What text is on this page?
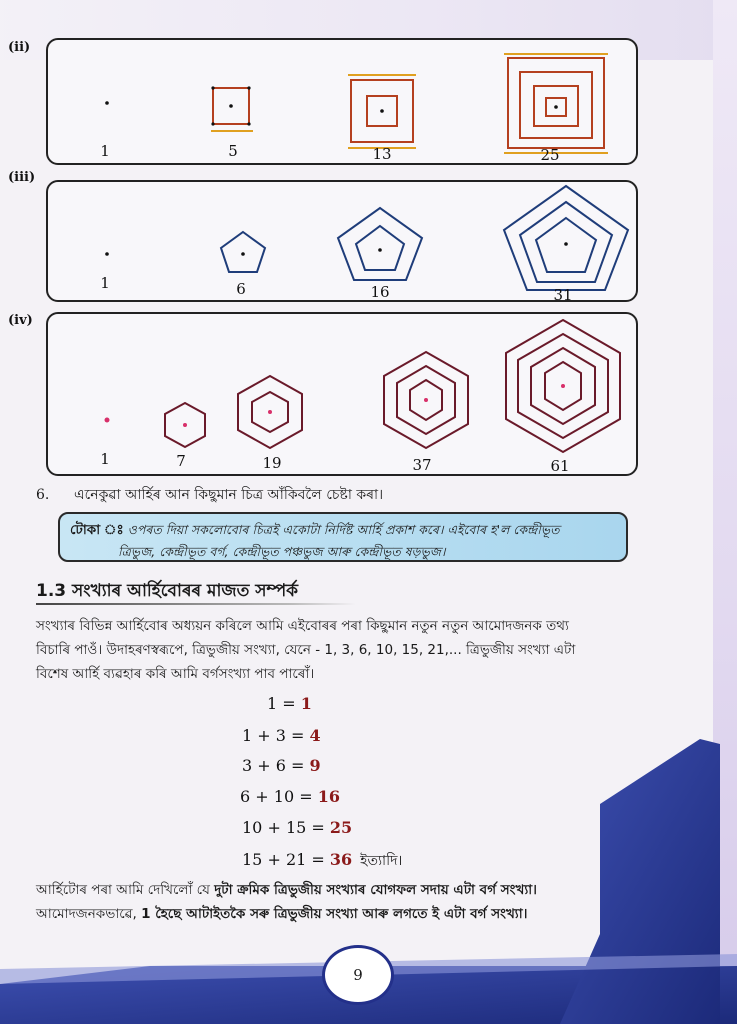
(ii)
1	5	13	25
(iii)
1	6	16	31
(iv)
1	7	19	37	61
6. এনেকুৱা আৰ্হিৰ আন কিছুমান চিত্ৰ আঁকিবলৈ চেষ্টা কৰা।
টোকা ঃ ওপৰত দিয়া সকলোবোৰ চিত্ৰই একোটা নিৰ্দিষ্ট আৰ্হি প্ৰকাশ কৰে। এইবোৰ হ'ল কেন্দ্ৰীভূত
ত্ৰিভুজ, কেন্দ্ৰীভূত বৰ্গ, কেন্দ্ৰীভূত পঞ্চভুজ আৰু কেন্দ্ৰীভূত ষড়ভুজ।
1.3 সংখ্যাৰ আৰ্হিবোৰৰ মাজত সম্পৰ্ক
সংখ্যাৰ বিভিন্ন আৰ্হিবোৰ অধ্যয়ন কৰিলে আমি এইবোৰৰ পৰা কিছুমান নতুন নতুন আমোদজনক তথ্য
বিচাৰি পাওঁ। উদাহৰণস্বৰূপে, ত্ৰিভুজীয় সংখ্যা, যেনে - 1, 3, 6, 10, 15, 21,... ত্ৰিভুজীয় সংখ্যা এটা
বিশেষ আৰ্হি ব্যৱহাৰ কৰি আমি বৰ্গসংখ্যা পাব পাৰোঁ।
1 = 1
1 + 3 = 4
3 + 6 = 9
6 + 10 = 16
10 + 15 = 25
15 + 21 = 36 ইত্যাদি।
আৰ্হিটোৰ পৰা আমি দেখিলোঁ যে দুটা ক্ৰমিক ত্ৰিভুজীয় সংখ্যাৰ যোগফল সদায় এটা বৰ্গ সংখ্যা।
আমোদজনকভাৱে, 1 হৈছে আটাইতকৈ সৰু ত্ৰিভুজীয় সংখ্যা আৰু লগতে ই এটা বৰ্গ সংখ্যা।
9
